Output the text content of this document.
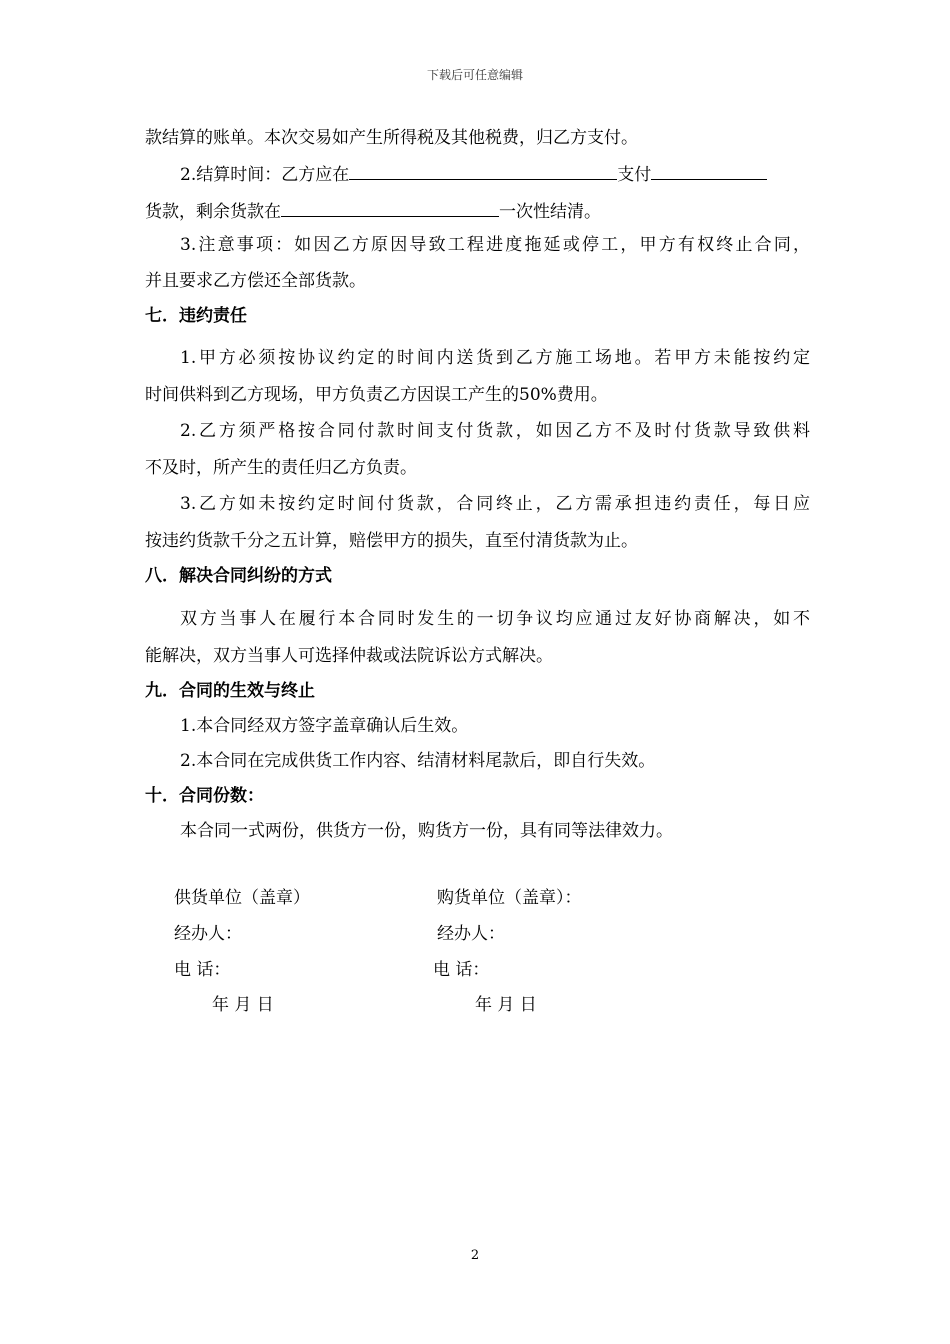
下载后可任意编辑
款结算的账单。本次交易如产生所得税及其他税费，归乙方支付。
2.结算时间：乙方应在	支付
货款，剩余货款在	一次性结清。
3.注意事项：如因乙方原因导致工程进度拖延或停工，甲方有权终止合同，
并且要求乙方偿还全部货款。
七．违约责任
1.甲方必须按协议约定的时间内送货到乙方施工场地。若甲方未能按约定
时间供料到乙方现场，甲方负责乙方因误工产生的50%费用。
2.乙方须严格按合同付款时间支付货款，如因乙方不及时付货款导致供料
不及时，所产生的责任归乙方负责。
3.乙方如未按约定时间付货款，合同终止，乙方需承担违约责任，每日应
按违约货款千分之五计算，赔偿甲方的损失，直至付清货款为止。
八．解决合同纠纷的方式
双方当事人在履行本合同时发生的一切争议均应通过友好协商解决，如不
能解决，双方当事人可选择仲裁或法院诉讼方式解决。
九．合同的生效与终止
1.本合同经双方签字盖章确认后生效。
2.本合同在完成供货工作内容、结清材料尾款后，即自行失效。
十．合同份数：
本合同一式两份，供货方一份，购货方一份，具有同等法律效力。
供货单位（盖章）	购货单位（盖章）：
经办人：	经办人：
电 话：	电 话：
年 月 日	年 月 日
2
